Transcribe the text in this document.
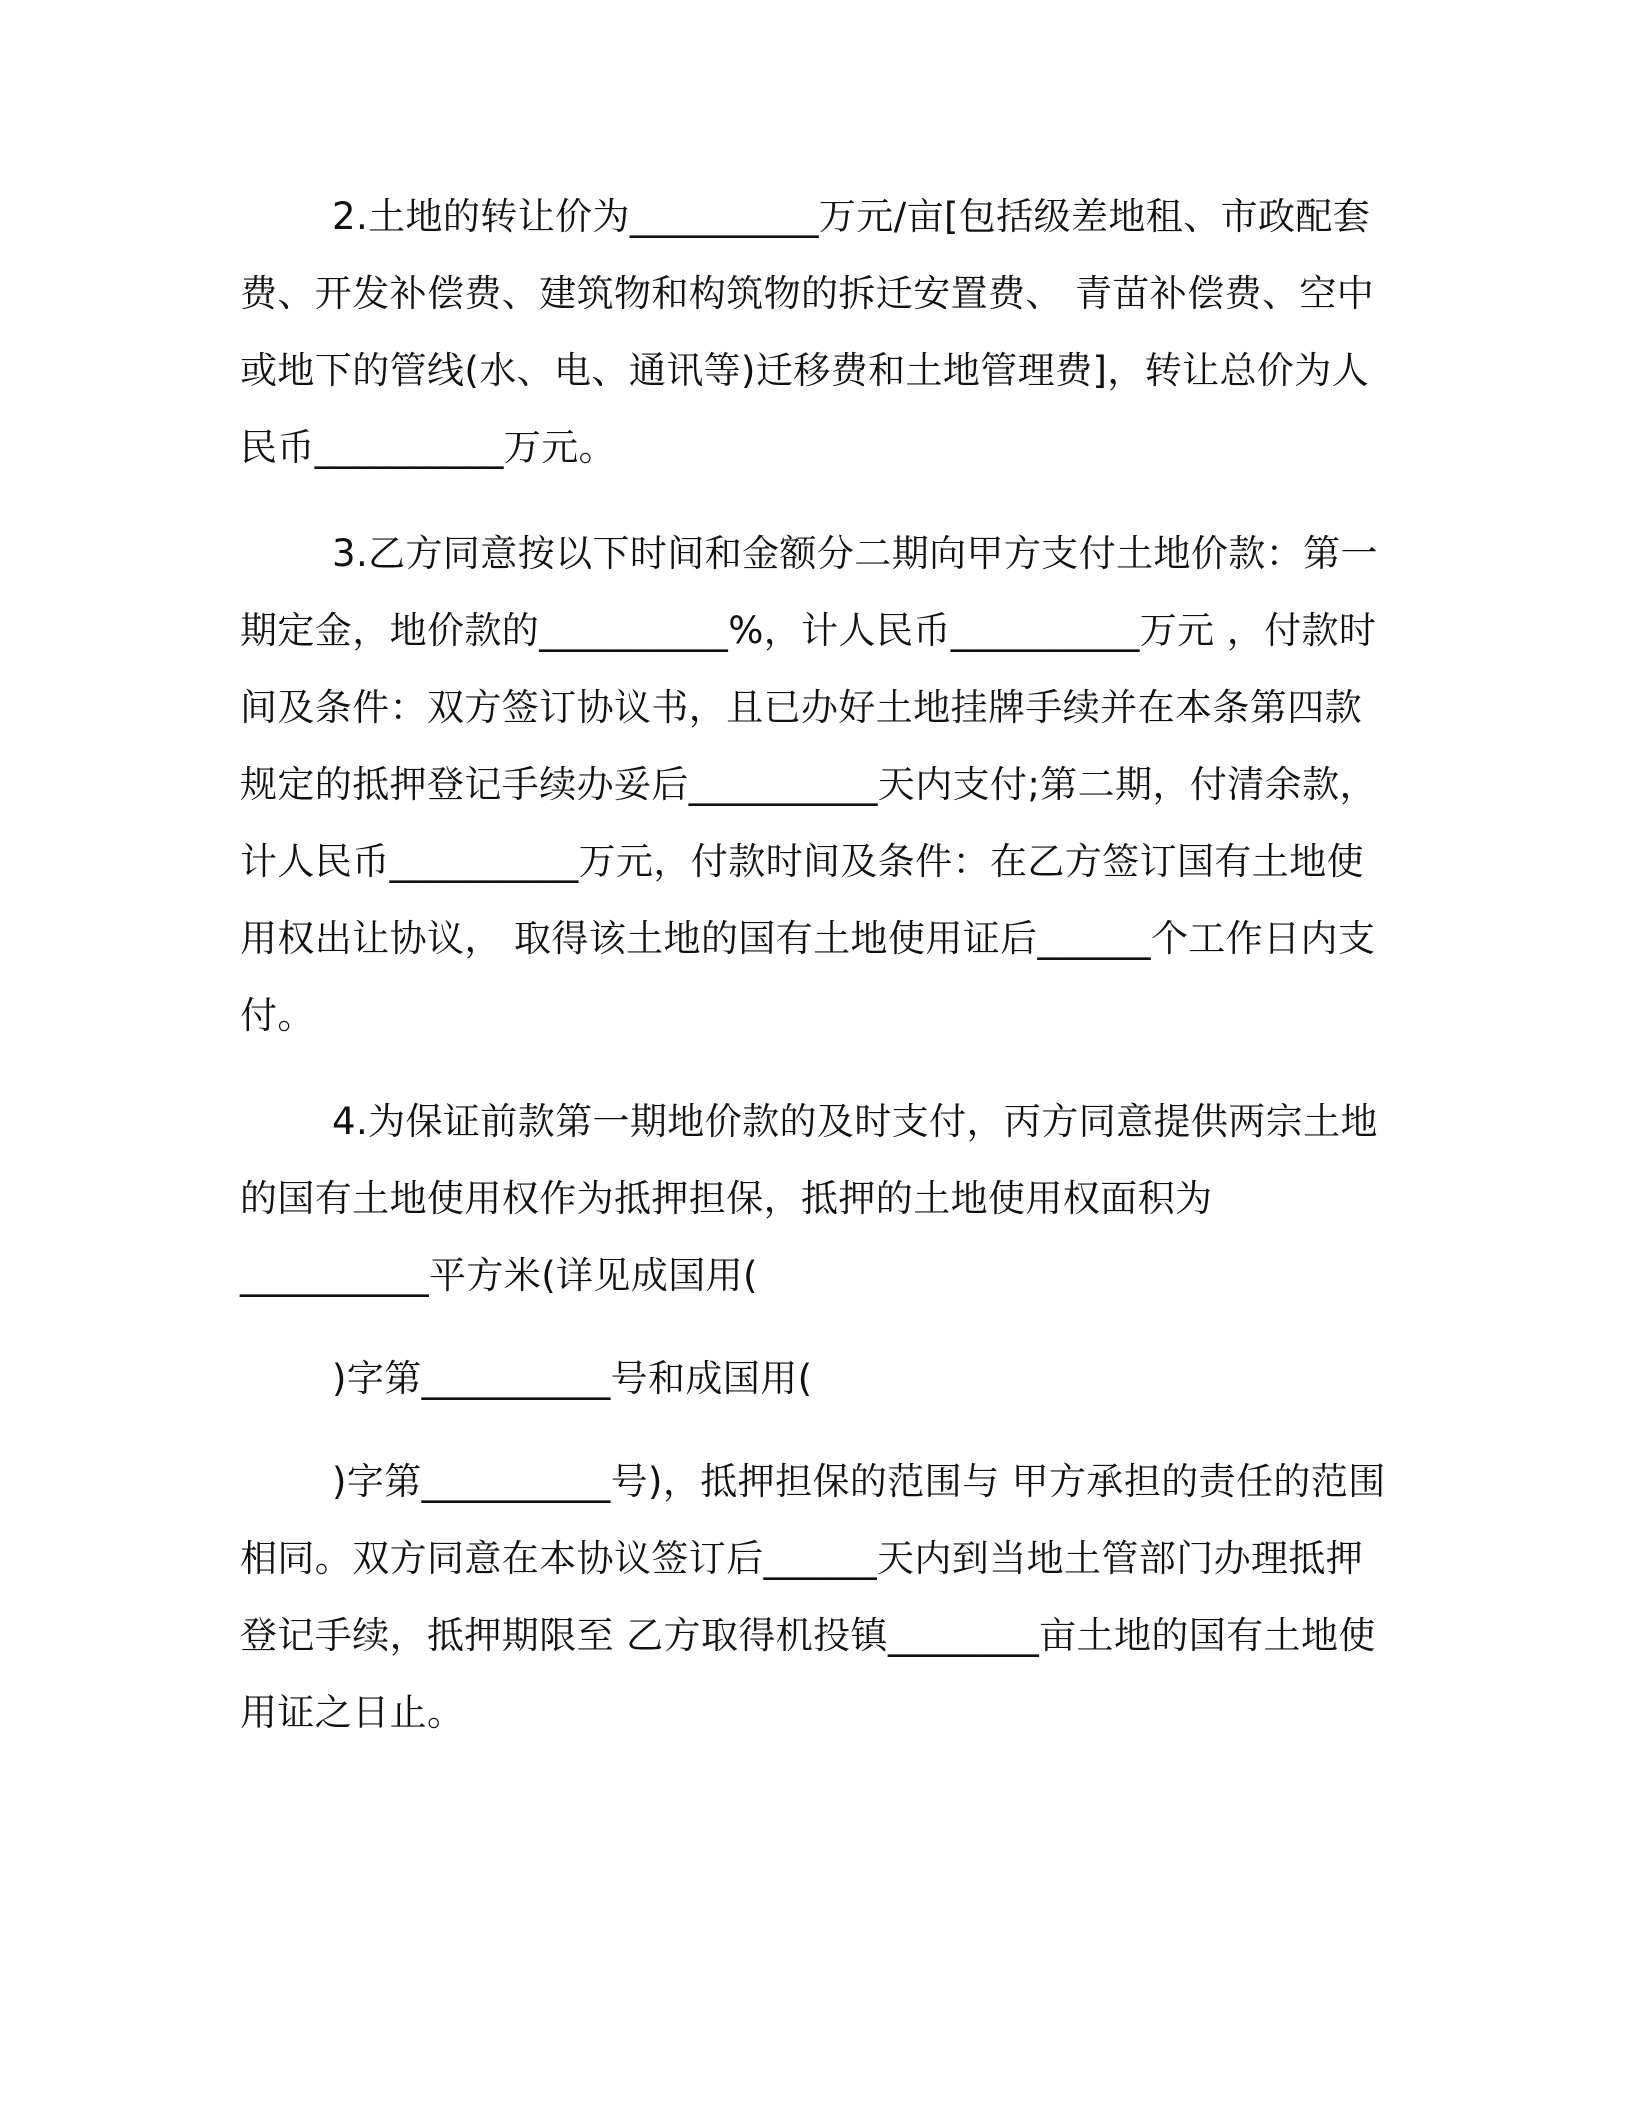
2.土地的转让价为__________万元/亩[包括级差地租、市政配套费、开发补偿费、建筑物和构筑物的拆迁安置费、 青苗补偿费、空中或地下的管线(水、电、通讯等)迁移费和土地管理费]，转让总价为人民币__________万元。

3.乙方同意按以下时间和金额分二期向甲方支付土地价款：第一期定金，地价款的__________%，计人民币__________万元 ，付款时间及条件：双方签订协议书，且已办好土地挂牌手续并在本条第四款规定的抵押登记手续办妥后__________天内支付;第二期，付清余款，计人民币__________万元，付款时间及条件：在乙方签订国有土地使用权出让协议， 取得该土地的国有土地使用证后______个工作日内支付。

4.为保证前款第一期地价款的及时支付，丙方同意提供两宗土地的国有土地使用权作为抵押担保，抵押的土地使用权面积为

__________平方米(详见成国用(

)字第__________号和成国用(

)字第__________号)，抵押担保的范围与 甲方承担的责任的范围相同。双方同意在本协议签订后______天内到当地土管部门办理抵押登记手续，抵押期限至 乙方取得机投镇________亩土地的国有土地使用证之日止。
